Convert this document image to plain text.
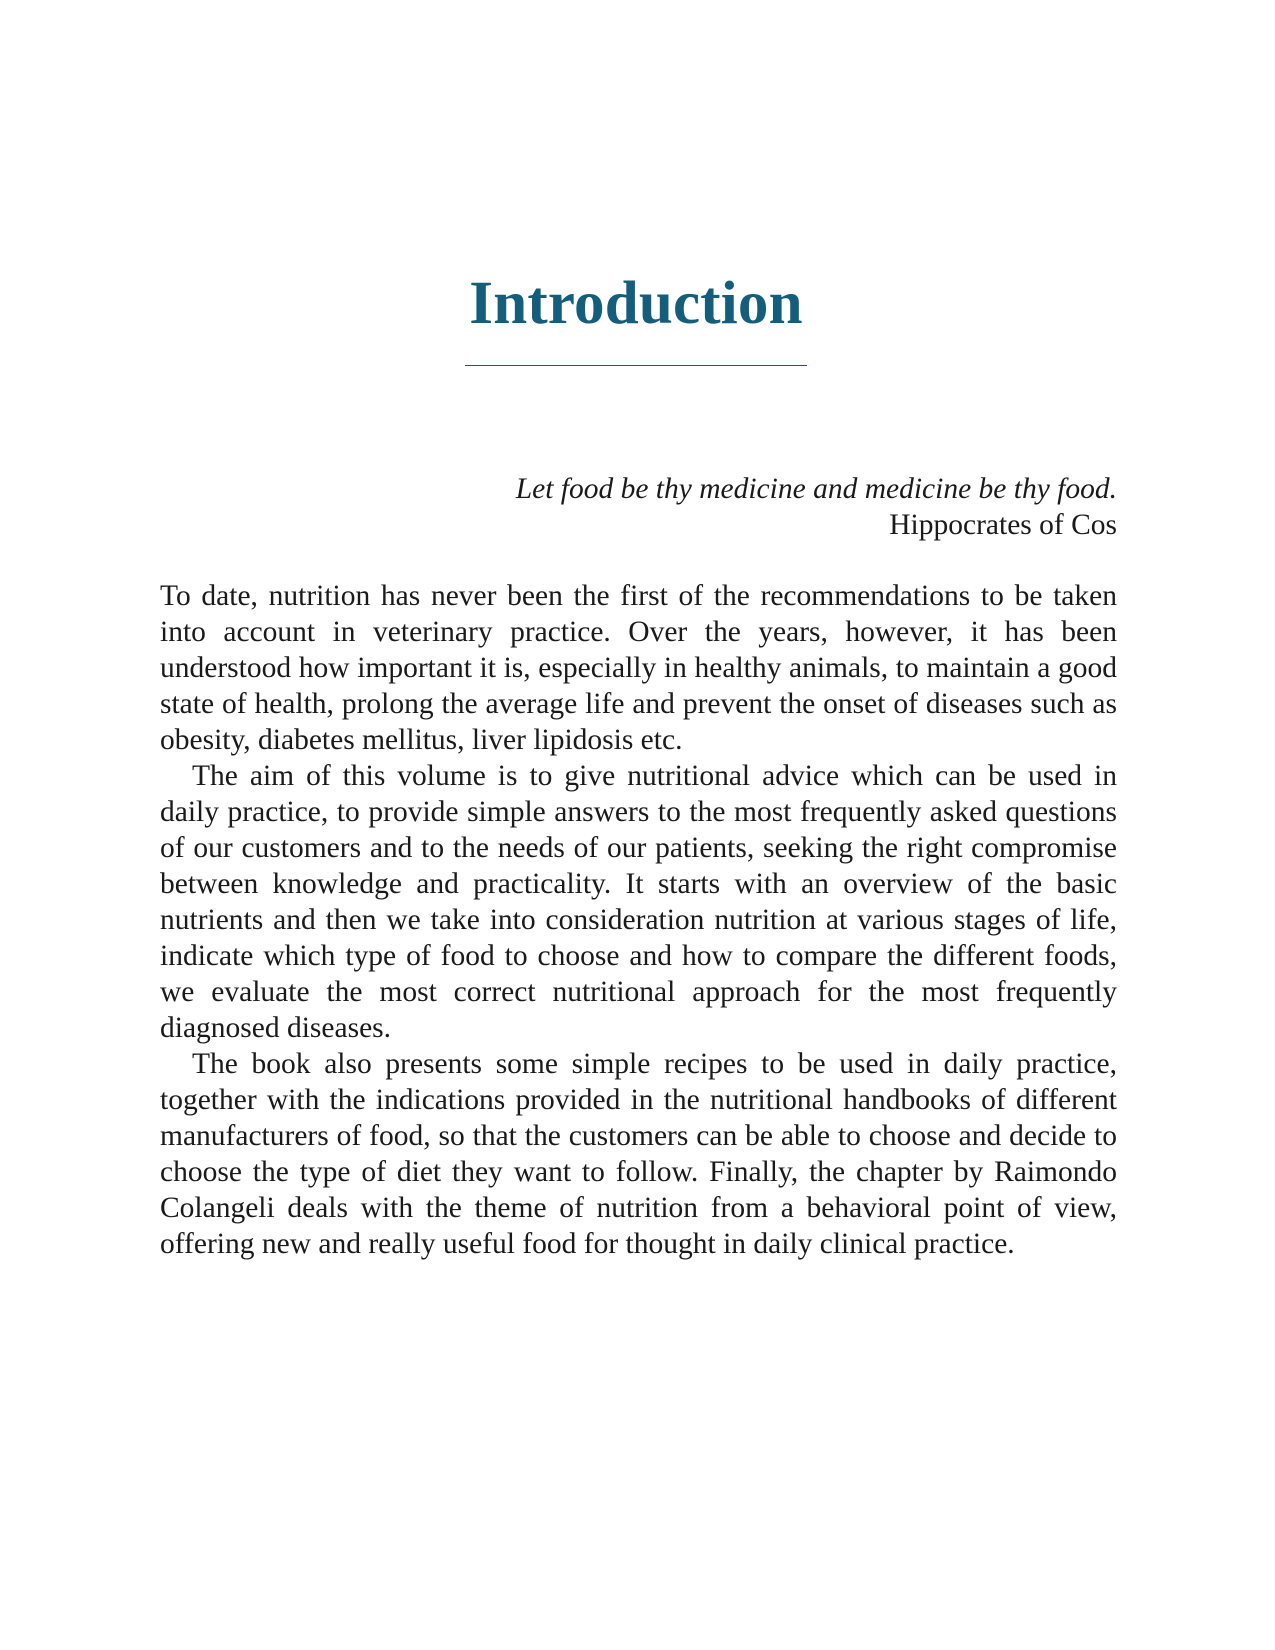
Introduction
Let food be thy medicine and medicine be thy food.
Hippocrates of Cos

To date, nutrition has never been the first of the recommendations to be taken into account in veterinary practice. Over the years, however, it has been understood how important it is, especially in healthy animals, to maintain a good state of health, prolong the average life and prevent the onset of diseases such as obesity, diabetes mellitus, liver lipidosis etc.

The aim of this volume is to give nutritional advice which can be used in daily practice, to provide simple answers to the most frequently asked questions of our customers and to the needs of our patients, seeking the right compromise between knowledge and practicality. It starts with an overview of the basic nutrients and then we take into consideration nutrition at various stages of life, indicate which type of food to choose and how to compare the different foods, we evaluate the most correct nutritional approach for the most frequently diagnosed diseases.

The book also presents some simple recipes to be used in daily practice, together with the indications provided in the nutritional handbooks of different manufacturers of food, so that the customers can be able to choose and decide to choose the type of diet they want to follow. Finally, the chapter by Raimondo Colangeli deals with the theme of nutrition from a behavioral point of view, offering new and really useful food for thought in daily clinical practice.
